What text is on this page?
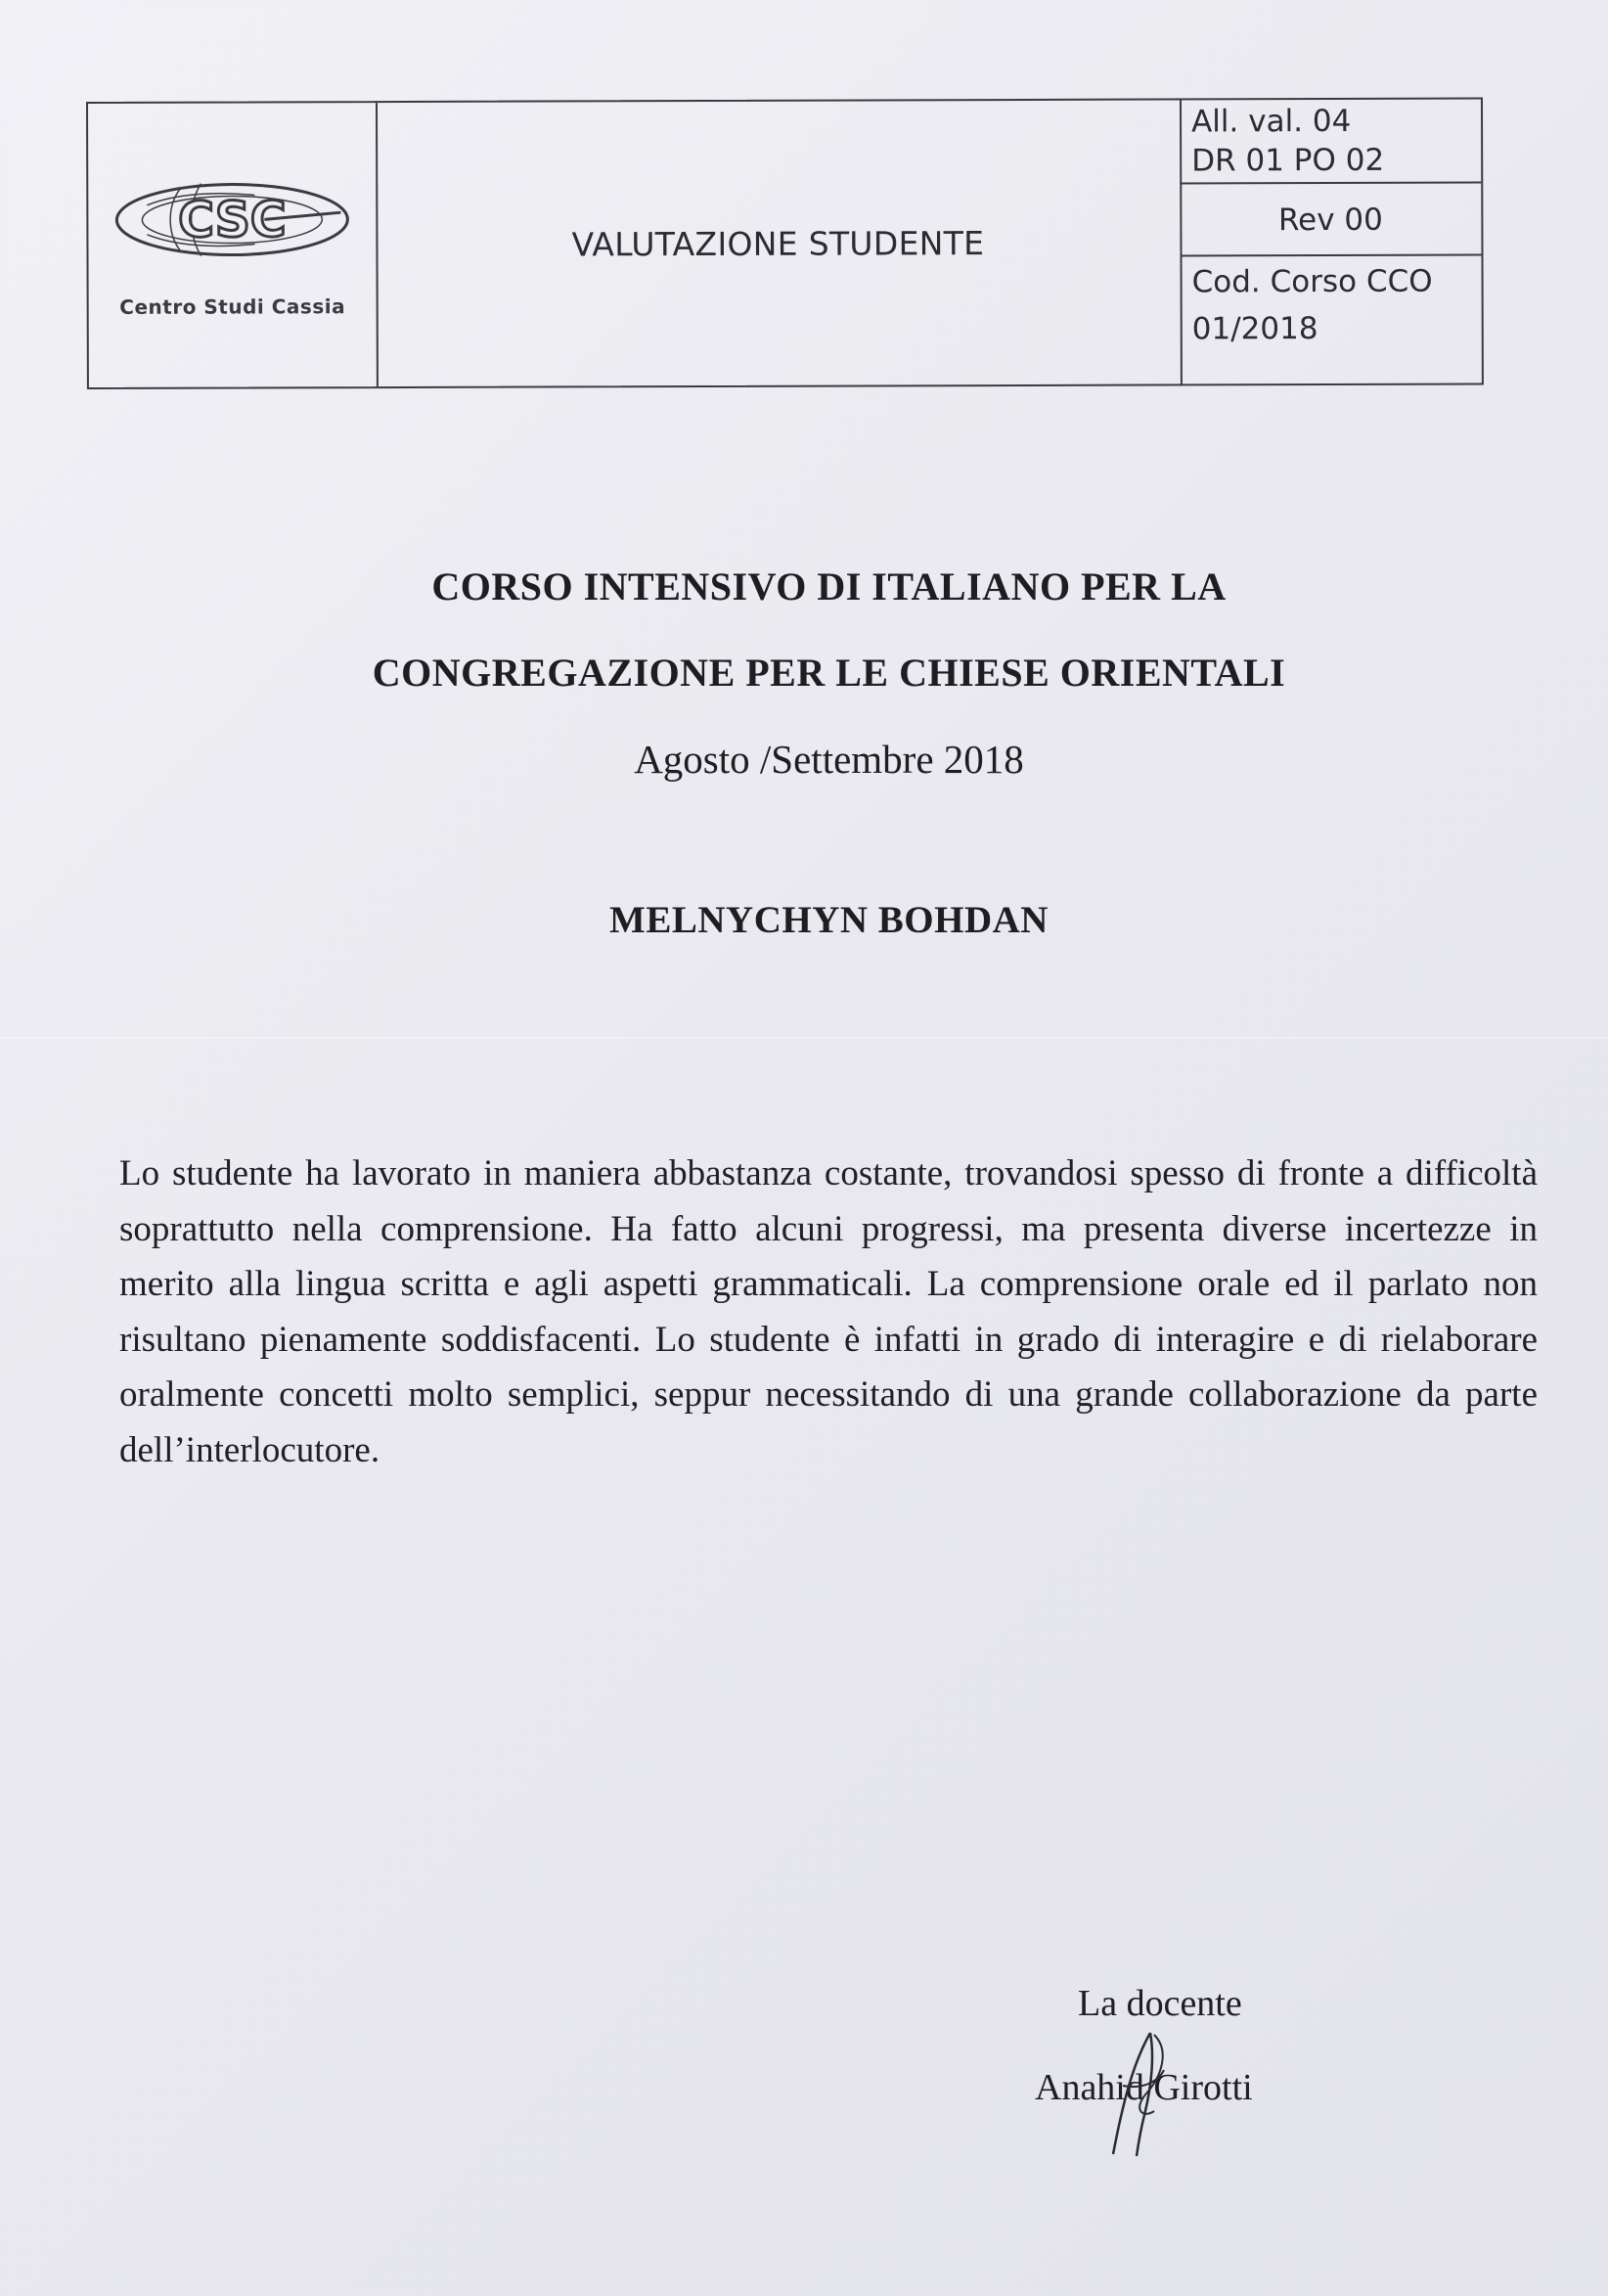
CSC
Centro Studi Cassia
VALUTAZIONE STUDENTE
All. val. 04
DR 01 PO 02
Rev 00
Cod. Corso CCO
01/2018
CORSO INTENSIVO DI ITALIANO PER LA
CONGREGAZIONE PER LE CHIESE ORIENTALI
Agosto /Settembre 2018
MELNYCHYN BOHDAN
Lo studente ha lavorato in maniera abbastanza costante, trovandosi spesso di fronte a difficoltà soprattutto nella comprensione. Ha fatto alcuni progressi, ma presenta diverse incertezze in merito alla lingua scritta e agli aspetti grammaticali. La comprensione orale ed il parlato non risultano pienamente soddisfacenti. Lo studente è infatti in grado di interagire e di rielaborare oralmente concetti molto semplici, seppur necessitando di una grande collaborazione da parte dell’interlocutore.
La docente
Anahid Girotti
